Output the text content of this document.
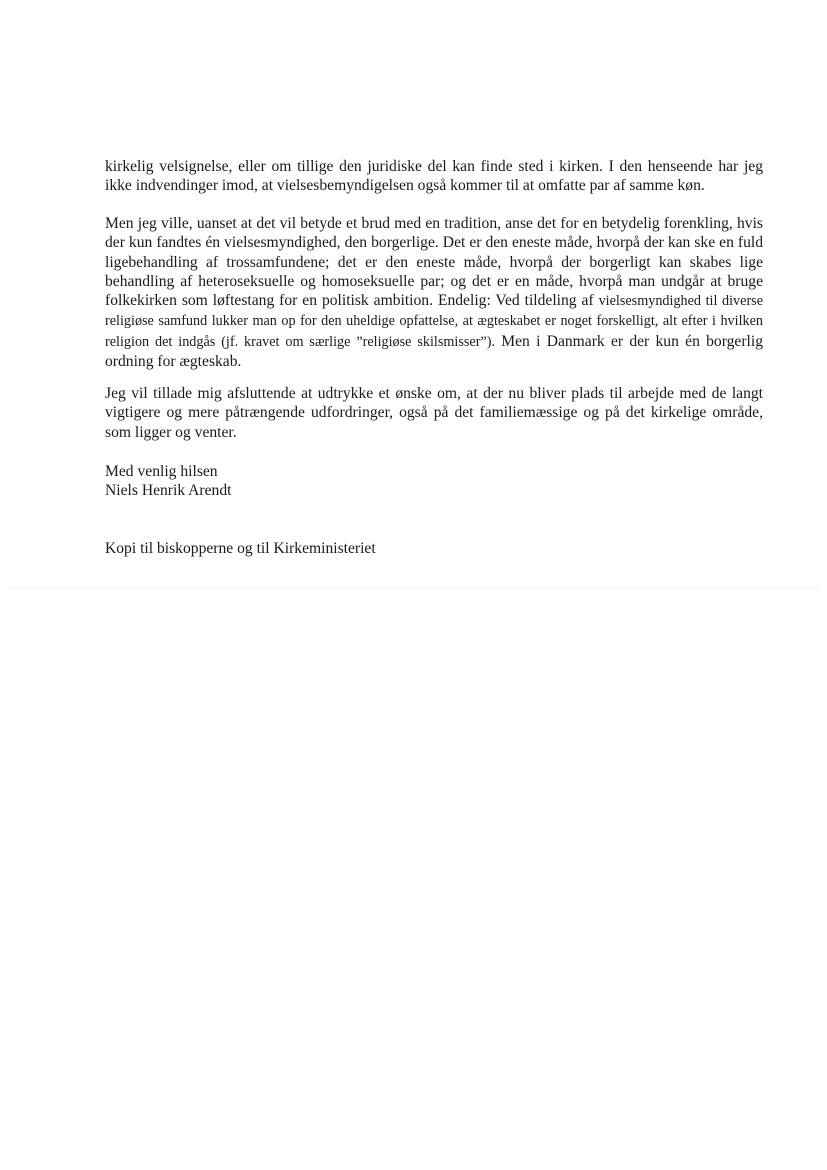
kirkelig velsignelse, eller om tillige den juridiske del kan finde sted i kirken. I den henseende har jeg ikke indvendinger imod, at vielsesbemyndigelsen også kommer til at omfatte par af samme køn.

Men jeg ville, uanset at det vil betyde et brud med en tradition, anse det for en betydelig forenkling, hvis der kun fandtes én vielsesmyndighed, den borgerlige. Det er den eneste måde, hvorpå der kan ske en fuld ligebehandling af trossamfundene; det er den eneste måde, hvorpå der borgerligt kan skabes lige behandling af heteroseksuelle og homoseksuelle par; og det er en måde, hvorpå man undgår at bruge folkekirken som løftestang for en politisk ambition. Endelig: Ved tildeling af vielsesmyndighed til diverse religiøse samfund lukker man op for den uheldige opfattelse, at ægteskabet er noget forskelligt, alt efter i hvilken religion det indgås (jf. kravet om særlige ”religiøse skilsmisser”). Men i Danmark er der kun én borgerlig ordning for ægteskab.

Jeg vil tillade mig afsluttende at udtrykke et ønske om, at der nu bliver plads til arbejde med de langt vigtigere og mere påtrængende udfordringer, også på det familiemæssige og på det kirkelige område, som ligger og venter.

Med venlig hilsen
Niels Henrik Arendt
Kopi til biskopperne og til Kirkeministeriet
